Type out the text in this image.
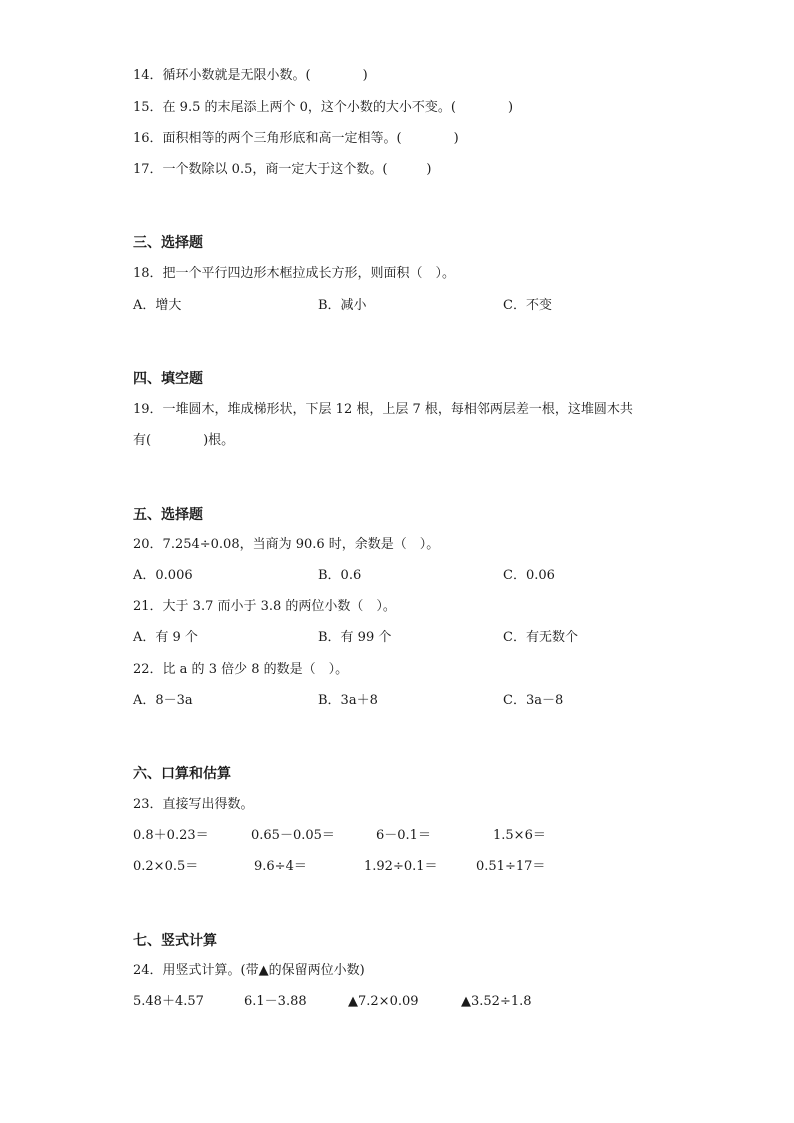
14．循环小数就是无限小数。(　　　　)
15．在 9.5 的末尾添上两个 0，这个小数的大小不变。(　　　　)
16．面积相等的两个三角形底和高一定相等。(　　　　)
17．一个数除以 0.5，商一定大于这个数。(　　　)
三、选择题
18．把一个平行四边形木框拉成长方形，则面积（　）。
A．增大	B．减小	C．不变
四、填空题
19．一堆圆木，堆成梯形状，下层 12 根，上层 7 根，每相邻两层差一根，这堆圆木共
有(　　　　)根。
五、选择题
20．7.254÷0.08，当商为 90.6 时，余数是（　）。
A．0.006	B．0.6	C．0.06
21．大于 3.7 而小于 3.8 的两位小数（　）。
A．有 9 个	B．有 99 个	C．有无数个
22．比 a 的 3 倍少 8 的数是（　）。
A．8－3a	B．3a＋8	C．3a－8
六、口算和估算
23．直接写出得数。
0.8＋0.23＝	0.65－0.05＝	6－0.1＝	1.5×6＝
0.2×0.5＝	9.6÷4＝	1.92÷0.1＝	0.51÷17＝
七、竖式计算
24．用竖式计算。(带▲的保留两位小数)
5.48＋4.57	6.1－3.88	▲7.2×0.09	▲3.52÷1.8
